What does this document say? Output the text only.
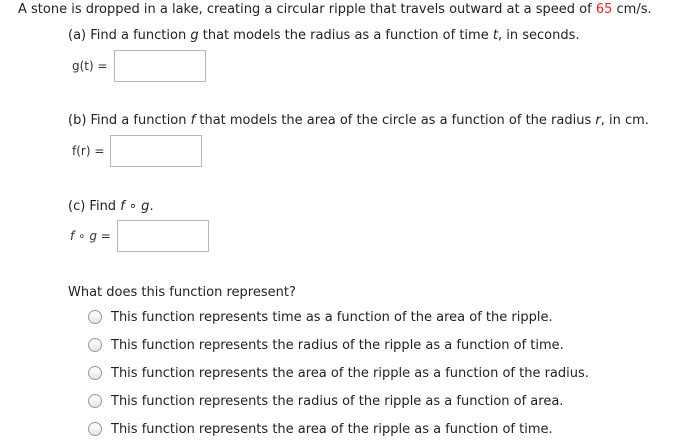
A stone is dropped in a lake, creating a circular ripple that travels outward at a speed of 65 cm/s.
(a) Find a function g that models the radius as a function of time t, in seconds.
g(t) =
(b) Find a function f that models the area of the circle as a function of the radius r, in cm.
f(r) =
(c) Find f ∘ g.
f ∘ g =
What does this function represent?
This function represents time as a function of the area of the ripple.
This function represents the radius of the ripple as a function of time.
This function represents the area of the ripple as a function of the radius.
This function represents the radius of the ripple as a function of area.
This function represents the area of the ripple as a function of time.
